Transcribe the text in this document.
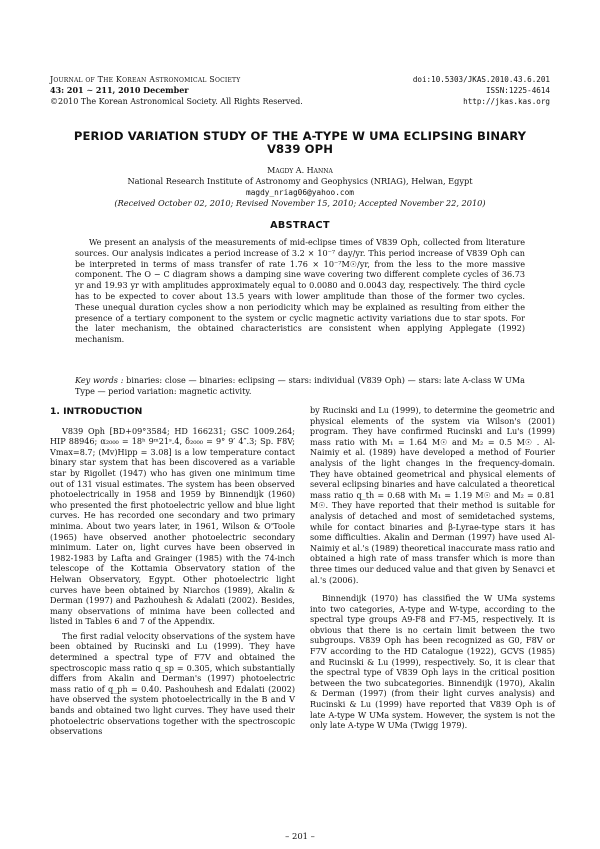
Journal of The Korean Astronomical Society
43: 201 ∼ 211, 2010 December
©2010 The Korean Astronomical Society. All Rights Reserved.
doi:10.5303/JKAS.2010.43.6.201
ISSN:1225-4614
http://jkas.kas.org
PERIOD VARIATION STUDY OF THE A-TYPE W UMA ECLIPSING BINARY V839 OPH
Magdy A. Hanna
National Research Institute of Astronomy and Geophysics (NRIAG), Helwan, Egypt
magdy_nriag06@yahoo.com
(Received October 02, 2010; Revised November 15, 2010; Accepted November 22, 2010)
ABSTRACT
We present an analysis of the measurements of mid-eclipse times of V839 Oph, collected from literature sources. Our analysis indicates a period increase of 3.2 × 10⁻⁷ day/yr. This period increase of V839 Oph can be interpreted in terms of mass transfer of rate 1.76 × 10⁻⁷M☉/yr, from the less to the more massive component. The O − C diagram shows a damping sine wave covering two different complete cycles of 36.73 yr and 19.93 yr with amplitudes approximately equal to 0.0080 and 0.0043 day, respectively. The third cycle has to be expected to cover about 13.5 years with lower amplitude than those of the former two cycles. These unequal duration cycles show a non periodicity which may be explained as resulting from either the presence of a tertiary component to the system or cyclic magnetic activity variations due to star spots. For the later mechanism, the obtained characteristics are consistent when applying Applegate (1992) mechanism.
Key words : binaries: close — binaries: eclipsing — stars: individual (V839 Oph) — stars: late A-class W UMa Type — period variation: magnetic activity.
1. INTRODUCTION

V839 Oph [BD+09°3584; HD 166231; GSC 1009.264; HIP 88946; α₂₀₀₀ = 18ʰ 9ᵐ21ˢ.4, δ₂₀₀₀ = 9° 9′ 4″.3; Sp. F8V; Vmax=8.7; (Mv)Hipp = 3.08] is a low temperature contact binary star system that has been discovered as a variable star by Rigollet (1947) who has given one minimum time out of 131 visual estimates. The system has been observed photoelectrically in 1958 and 1959 by Binnendijk (1960) who presented the first photoelectric yellow and blue light curves. He has recorded one secondary and two primary minima. About two years later, in 1961, Wilson & O'Toole (1965) have observed another photoelectric secondary minimum. Later on, light curves have been observed in 1982-1983 by Lafta and Grainger (1985) with the 74-inch telescope of the Kottamia Observatory station of the Helwan Observatory, Egypt. Other photoelectric light curves have been obtained by Niarchos (1989), Akalin & Derman (1997) and Pazhouhesh & Adalati (2002). Besides, many observations of minima have been collected and listed in Tables 6 and 7 of the Appendix.

The first radial velocity observations of the system have been obtained by Rucinski and Lu (1999). They have determined a spectral type of F7V and obtained the spectroscopic mass ratio q_sp = 0.305, which substantially differs from Akalin and Derman's (1997) photoelectric mass ratio of q_ph = 0.40. Pashouhesh and Edalati (2002) have observed the system photoelectrically in the B and V bands and obtained two light curves. They have used their photoelectric observations together with the spectroscopic observations

by Rucinski and Lu (1999), to determine the geometric and physical elements of the system via Wilson's (2001) program. They have confirmed Rucinski and Lu's (1999) mass ratio with M₁ = 1.64 M☉ and M₂ = 0.5 M☉ . Al-Naimiy et al. (1989) have developed a method of Fourier analysis of the light changes in the frequency-domain. They have obtained geometrical and physical elements of several eclipsing binaries and have calculated a theoretical mass ratio q_th = 0.68 with M₁ = 1.19 M☉ and M₂ = 0.81 M☉. They have reported that their method is suitable for analysis of detached and most of semidetached systems, while for contact binaries and β-Lyrae-type stars it has some difficulties. Akalin and Derman (1997) have used Al-Naimiy et al.'s (1989) theoretical inaccurate mass ratio and obtained a high rate of mass transfer which is more than three times our deduced value and that given by Senavci et al.'s (2006).

Binnendijk (1970) has classified the W UMa systems into two categories, A-type and W-type, according to the spectral type groups A9-F8 and F7-M5, respectively. It is obvious that there is no certain limit between the two subgroups. V839 Oph has been recognized as G0, F8V or F7V according to the HD Catalogue (1922), GCVS (1985) and Rucinski & Lu (1999), respectively. So, it is clear that the spectral type of V839 Oph lays in the critical position between the two subcategories. Binnendijk (1970), Akalin & Derman (1997) (from their light curves analysis) and Rucinski & Lu (1999) have reported that V839 Oph is of late A-type W UMa system. However, the system is not the only late A-type W UMa (Twigg 1979).

– 201 –
